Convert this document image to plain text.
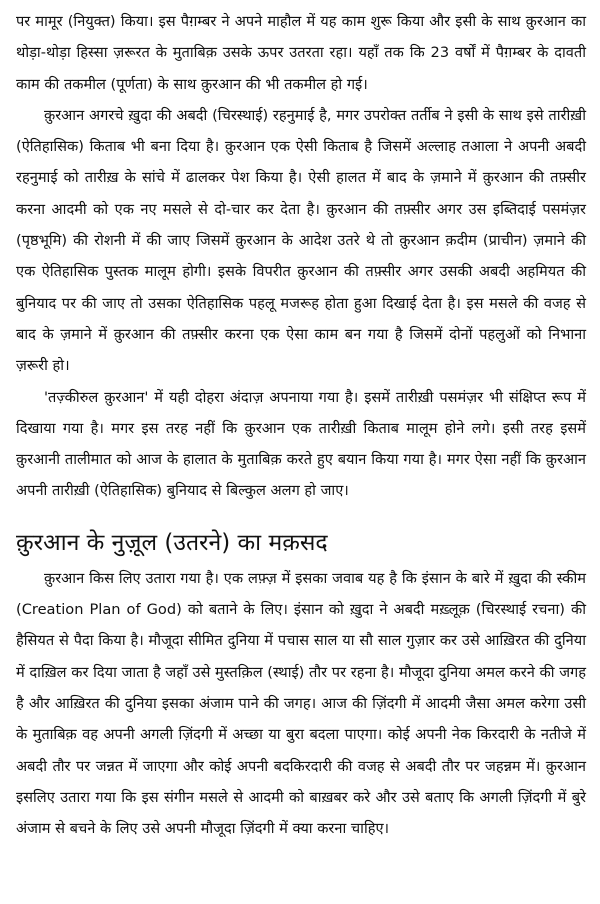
पर मामूर (नियुक्त) किया। इस पैग़म्बर ने अपने माहौल में यह काम शुरू किया और इसी के साथ क़ुरआन का थोड़ा-थोड़ा हिस्सा ज़रूरत के मुताबिक़ उसके ऊपर उतरता रहा। यहाँ तक कि 23 वर्षों में पैग़म्बर के दावती काम की तकमील (पूर्णता) के साथ क़ुरआन की भी तकमील हो गई।

क़ुरआन अगरचे ख़ुदा की अबदी (चिरस्थाई) रहनुमाई है, मगर उपरोक्त तर्तीब ने इसी के साथ इसे तारीख़ी (ऐतिहासिक) किताब भी बना दिया है। क़ुरआन एक ऐसी किताब है जिसमें अल्लाह तआला ने अपनी अबदी रहनुमाई को तारीख़ के सांचे में ढालकर पेश किया है। ऐसी हालत में बाद के ज़माने में क़ुरआन की तफ़्सीर करना आदमी को एक नए मसले से दो-चार कर देता है। क़ुरआन की तफ़्सीर अगर उस इब्तिदाई पसमंज़र (पृष्ठभूमि) की रोशनी में की जाए जिसमें क़ुरआन के आदेश उतरे थे तो क़ुरआन क़दीम (प्राचीन) ज़माने की एक ऐतिहासिक पुस्तक मालूम होगी। इसके विपरीत क़ुरआन की तफ़्सीर अगर उसकी अबदी अहमियत की बुनियाद पर की जाए तो उसका ऐतिहासिक पहलू मजरूह होता हुआ दिखाई देता है। इस मसले की वजह से बाद के ज़माने में क़ुरआन की तफ़्सीर करना एक ऐसा काम बन गया है जिसमें दोनों पहलुओं को निभाना ज़रूरी हो।

'तज़्कीरुल क़ुरआन' में यही दोहरा अंदाज़ अपनाया गया है। इसमें तारीख़ी पसमंज़र भी संक्षिप्त रूप में दिखाया गया है। मगर इस तरह नहीं कि क़ुरआन एक तारीख़ी किताब मालूम होने लगे। इसी तरह इसमें क़ुरआनी तालीमात को आज के हालात के मुताबिक़ करते हुए बयान किया गया है। मगर ऐसा नहीं कि क़ुरआन अपनी तारीख़ी (ऐतिहासिक) बुनियाद से बिल्कुल अलग हो जाए।

क़ुरआन के नुज़ूल (उतरने) का मक़सद

क़ुरआन किस लिए उतारा गया है। एक लफ़्ज़ में इसका जवाब यह है कि इंसान के बारे में ख़ुदा की स्कीम (Creation Plan of God) को बताने के लिए। इंसान को ख़ुदा ने अबदी मख़्लूक़ (चिरस्थाई रचना) की हैसियत से पैदा किया है। मौजूदा सीमित दुनिया में पचास साल या सौ साल गुज़ार कर उसे आख़िरत की दुनिया में दाख़िल कर दिया जाता है जहाँ उसे मुस्तक़िल (स्थाई) तौर पर रहना है। मौजूदा दुनिया अमल करने की जगह है और आख़िरत की दुनिया इसका अंजाम पाने की जगह। आज की ज़िंदगी में आदमी जैसा अमल करेगा उसी के मुताबिक़ वह अपनी अगली ज़िंदगी में अच्छा या बुरा बदला पाएगा। कोई अपनी नेक किरदारी के नतीजे में अबदी तौर पर जन्नत में जाएगा और कोई अपनी बदकिरदारी की वजह से अबदी तौर पर जहन्नम में। क़ुरआन इसलिए उतारा गया कि इस संगीन मसले से आदमी को बाख़बर करे और उसे बताए कि अगली ज़िंदगी में बुरे अंजाम से बचने के लिए उसे अपनी मौजूदा ज़िंदगी में क्या करना चाहिए।
